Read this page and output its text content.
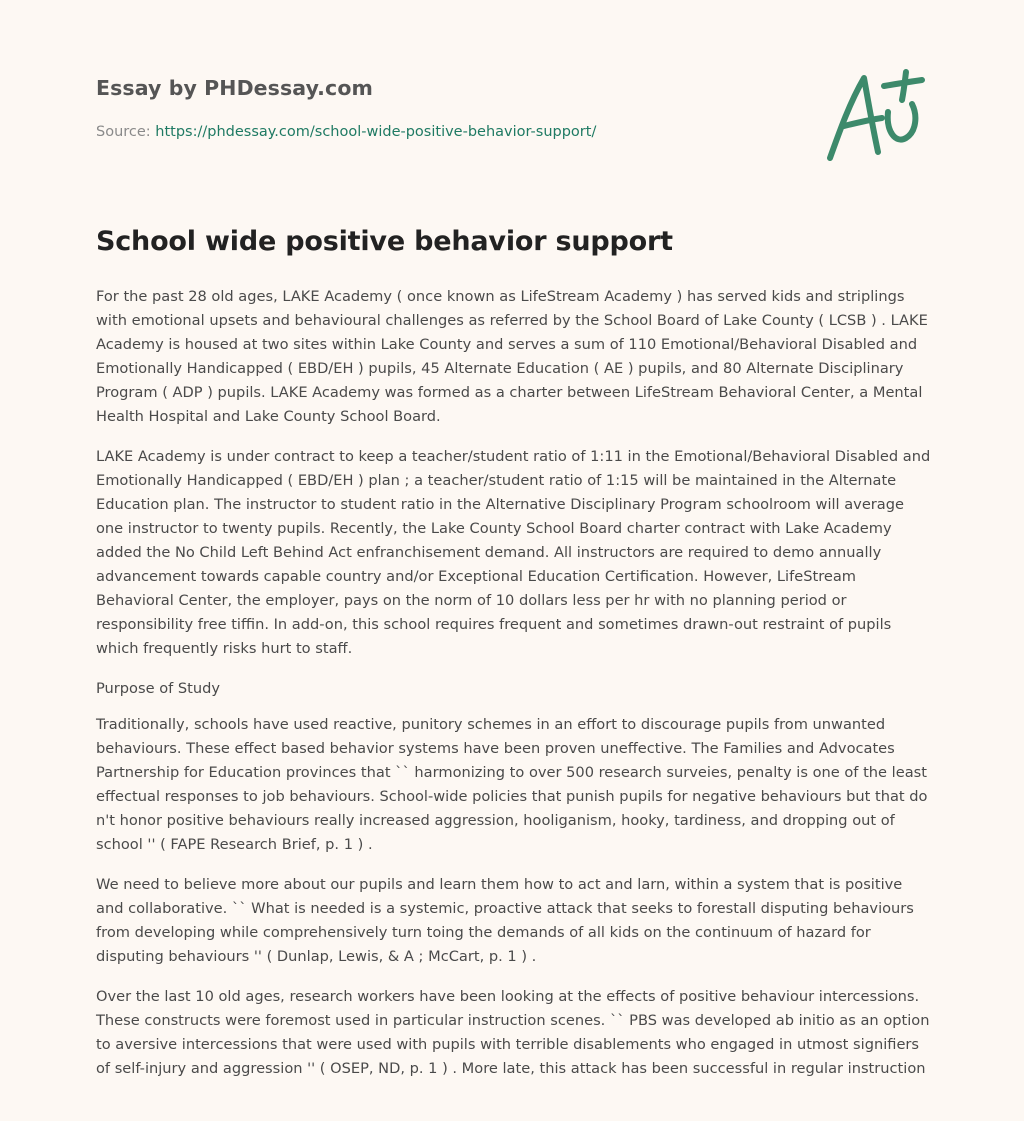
Essay by PHDessay.com
Source: https://phdessay.com/school-wide-positive-behavior-support/
School wide positive behavior support

For the past 28 old ages, LAKE Academy ( once known as LifeStream Academy ) has served kids and striplings with emotional upsets and behavioural challenges as referred by the School Board of Lake County ( LCSB ) . LAKE Academy is housed at two sites within Lake County and serves a sum of 110 Emotional/Behavioral Disabled and Emotionally Handicapped ( EBD/EH ) pupils, 45 Alternate Education ( AE ) pupils, and 80 Alternate Disciplinary Program ( ADP ) pupils. LAKE Academy was formed as a charter between LifeStream Behavioral Center, a Mental Health Hospital and Lake County School Board.

LAKE Academy is under contract to keep a teacher/student ratio of 1:11 in the Emotional/Behavioral Disabled and Emotionally Handicapped ( EBD/EH ) plan ; a teacher/student ratio of 1:15 will be maintained in the Alternate Education plan. The instructor to student ratio in the Alternative Disciplinary Program schoolroom will average one instructor to twenty pupils. Recently, the Lake County School Board charter contract with Lake Academy added the No Child Left Behind Act enfranchisement demand. All instructors are required to demo annually advancement towards capable country and/or Exceptional Education Certification. However, LifeStream Behavioral Center, the employer, pays on the norm of 10 dollars less per hr with no planning period or responsibility free tiffin. In add-on, this school requires frequent and sometimes drawn-out restraint of pupils which frequently risks hurt to staff.

Purpose of Study

Traditionally, schools have used reactive, punitory schemes in an effort to discourage pupils from unwanted behaviours. These effect based behavior systems have been proven uneffective. The Families and Advocates Partnership for Education provinces that `` harmonizing to over 500 research surveies, penalty is one of the least effectual responses to job behaviours. School-wide policies that punish pupils for negative behaviours but that do n't honor positive behaviours really increased aggression, hooliganism, hooky, tardiness, and dropping out of school '' ( FAPE Research Brief, p. 1 ) .

We need to believe more about our pupils and learn them how to act and larn, within a system that is positive and collaborative. `` What is needed is a systemic, proactive attack that seeks to forestall disputing behaviours from developing while comprehensively turn toing the demands of all kids on the continuum of hazard for disputing behaviours '' ( Dunlap, Lewis, & A ; McCart, p. 1 ) .

Over the last 10 old ages, research workers have been looking at the effects of positive behaviour intercessions. These constructs were foremost used in particular instruction scenes. `` PBS was developed ab initio as an option to aversive intercessions that were used with pupils with terrible disablements who engaged in utmost signifiers of self-injury and aggression '' ( OSEP, ND, p. 1 ) . More late, this attack has been successful in regular instruction
